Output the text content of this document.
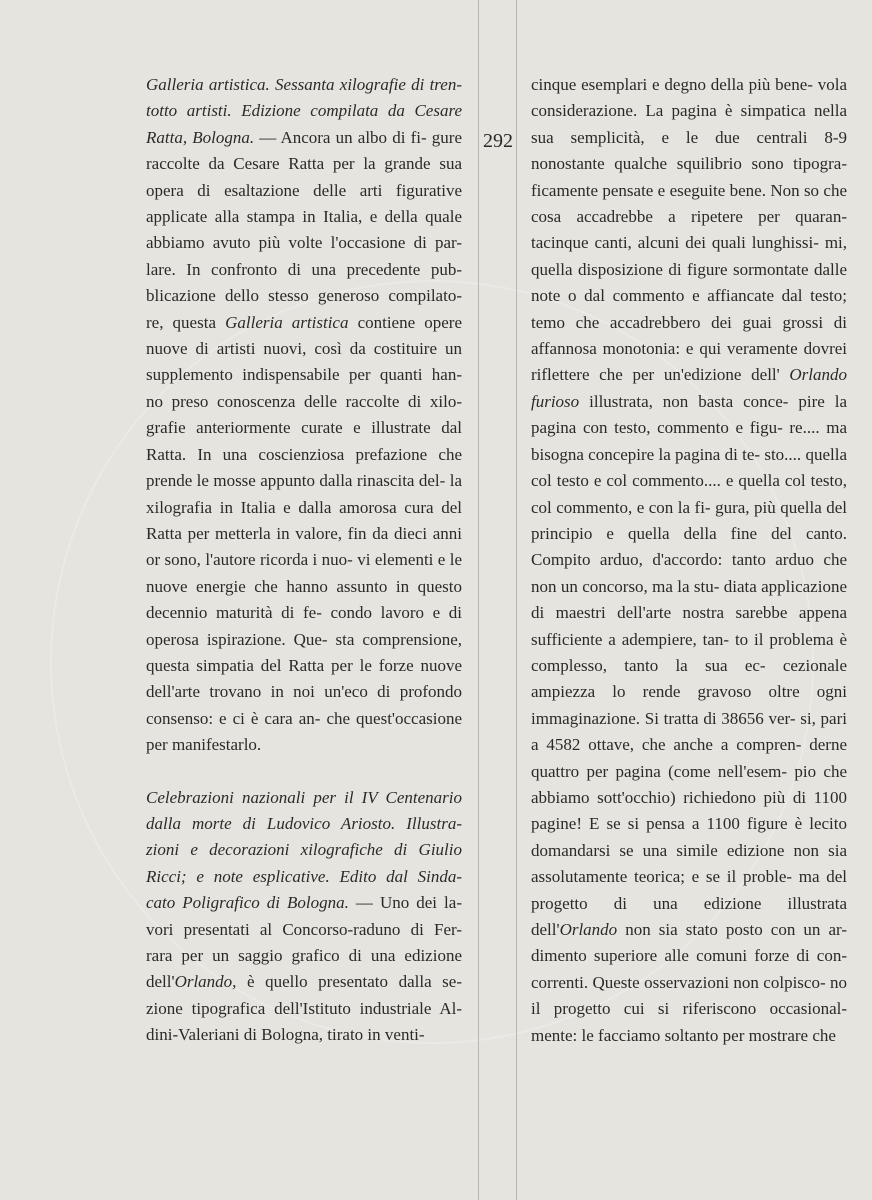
292

Galleria artistica. Sessanta xilografie di tren- totto artisti. Edizione compilata da Cesare Ratta, Bologna. — Ancora un albo di fi- gure raccolte da Cesare Ratta per la grande sua opera di esaltazione delle arti figurative applicate alla stampa in Italia, e della quale abbiamo avuto più volte l'occasione di par- lare. In confronto di una precedente pub- blicazione dello stesso generoso compilato- re, questa Galleria artistica contiene opere nuove di artisti nuovi, così da costituire un supplemento indispensabile per quanti han- no preso conoscenza delle raccolte di xilo- grafie anteriormente curate e illustrate dal Ratta. In una coscienziosa prefazione che prende le mosse appunto dalla rinascita del- la xilografia in Italia e dalla amorosa cura del Ratta per metterla in valore, fin da dieci anni or sono, l'autore ricorda i nuo- vi elementi e le nuove energie che hanno assunto in questo decennio maturità di fe- condo lavoro e di operosa ispirazione. Que- sta comprensione, questa simpatia del Ratta per le forze nuove dell'arte trovano in noi un'eco di profondo consenso: e ci è cara an- che quest'occasione per manifestarlo.

Celebrazioni nazionali per il IV Centenario dalla morte di Ludovico Ariosto. Illustra- zioni e decorazioni xilografiche di Giulio Ricci; e note esplicative. Edito dal Sinda- cato Poligrafico di Bologna. — Uno dei la- vori presentati al Concorso-raduno di Fer- rara per un saggio grafico di una edizione dell'Orlando, è quello presentato dalla se- zione tipografica dell'Istituto industriale Al- dini-Valeriani di Bologna, tirato in venti-

cinque esemplari e degno della più bene- vola considerazione. La pagina è simpatica nella sua semplicità, e le due centrali 8-9 nonostante qualche squilibrio sono tipogra- ficamente pensate e eseguite bene. Non so che cosa accadrebbe a ripetere per quaran- tacinque canti, alcuni dei quali lunghissi- mi, quella disposizione di figure sormontate dalle note o dal commento e affiancate dal testo; temo che accadrebbero dei guai grossi di affannosa monotonia: e qui veramente dovrei riflettere che per un'edizione dell' Orlando furioso illustrata, non basta conce- pire la pagina con testo, commento e figu- re.... ma bisogna concepire la pagina di te- sto.... quella col testo e col commento.... e quella col testo, col commento, e con la fi- gura, più quella del principio e quella della fine del canto. Compito arduo, d'accordo: tanto arduo che non un concorso, ma la stu- diata applicazione di maestri dell'arte nostra sarebbe appena sufficiente a adempiere, tan- to il problema è complesso, tanto la sua ec- cezionale ampiezza lo rende gravoso oltre ogni immaginazione. Si tratta di 38656 ver- si, pari a 4582 ottave, che anche a compren- derne quattro per pagina (come nell'esem- pio che abbiamo sott'occhio) richiedono più di 1100 pagine! E se si pensa a 1100 figure è lecito domandarsi se una simile edizione non sia assolutamente teorica; e se il proble- ma del progetto di una edizione illustrata dell'Orlando non sia stato posto con un ar- dimento superiore alle comuni forze di con- correnti. Queste osservazioni non colpisco- no il progetto cui si riferiscono occasional- mente: le facciamo soltanto per mostrare che
